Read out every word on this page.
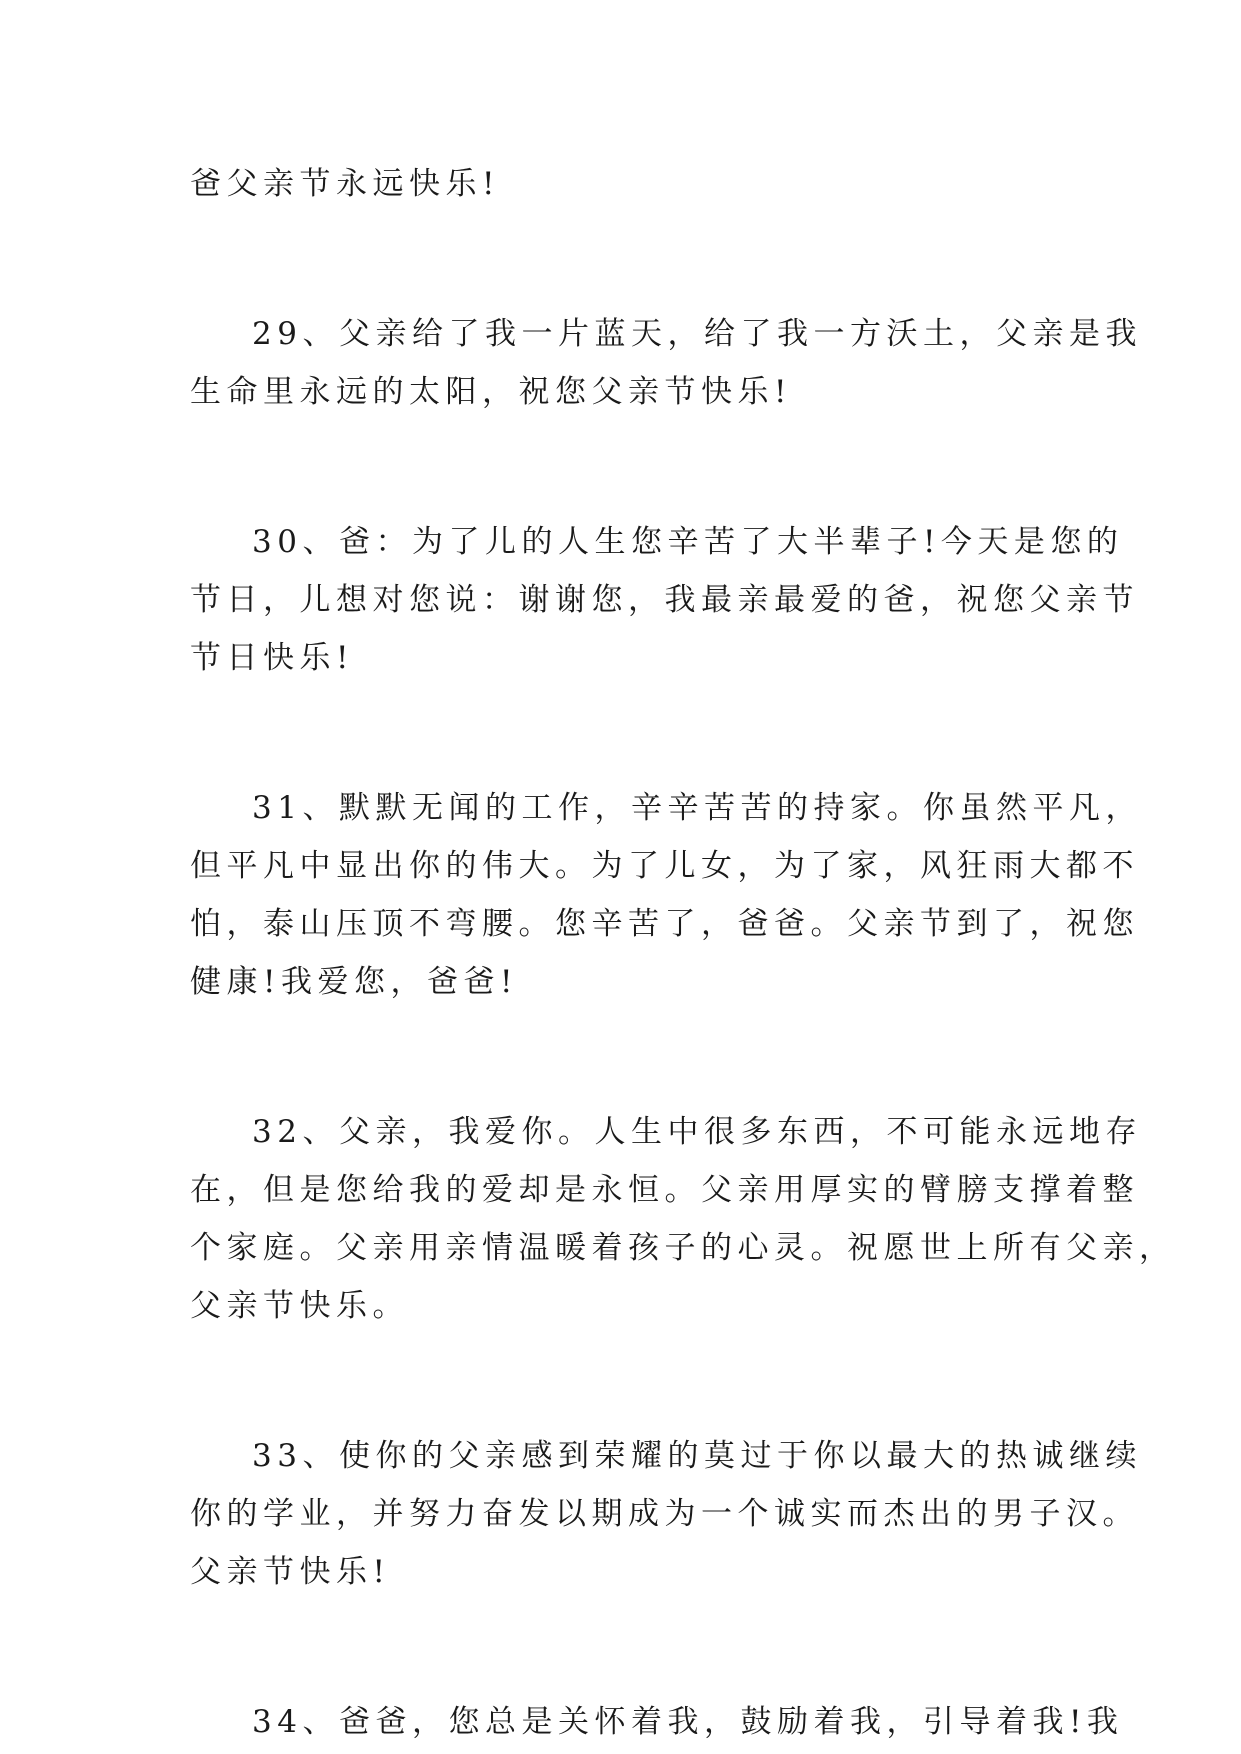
爸父亲节永远快乐!
29、父亲给了我一片蓝天，给了我一方沃土，父亲是我
生命里永远的太阳，祝您父亲节快乐!
30、爸：为了儿的人生您辛苦了大半辈子!今天是您的
节日，儿想对您说：谢谢您，我最亲最爱的爸，祝您父亲节
节日快乐!
31、默默无闻的工作，辛辛苦苦的持家。你虽然平凡，
但平凡中显出你的伟大。为了儿女，为了家，风狂雨大都不
怕，泰山压顶不弯腰。您辛苦了，爸爸。父亲节到了，祝您
健康!我爱您，爸爸!
32、父亲，我爱你。人生中很多东西，不可能永远地存
在，但是您给我的爱却是永恒。父亲用厚实的臂膀支撑着整
个家庭。父亲用亲情温暖着孩子的心灵。祝愿世上所有父亲，
父亲节快乐。
33、使你的父亲感到荣耀的莫过于你以最大的热诚继续
你的学业，并努力奋发以期成为一个诚实而杰出的男子汉。
父亲节快乐!
34、爸爸，您总是关怀着我，鼓励着我，引导着我!我
